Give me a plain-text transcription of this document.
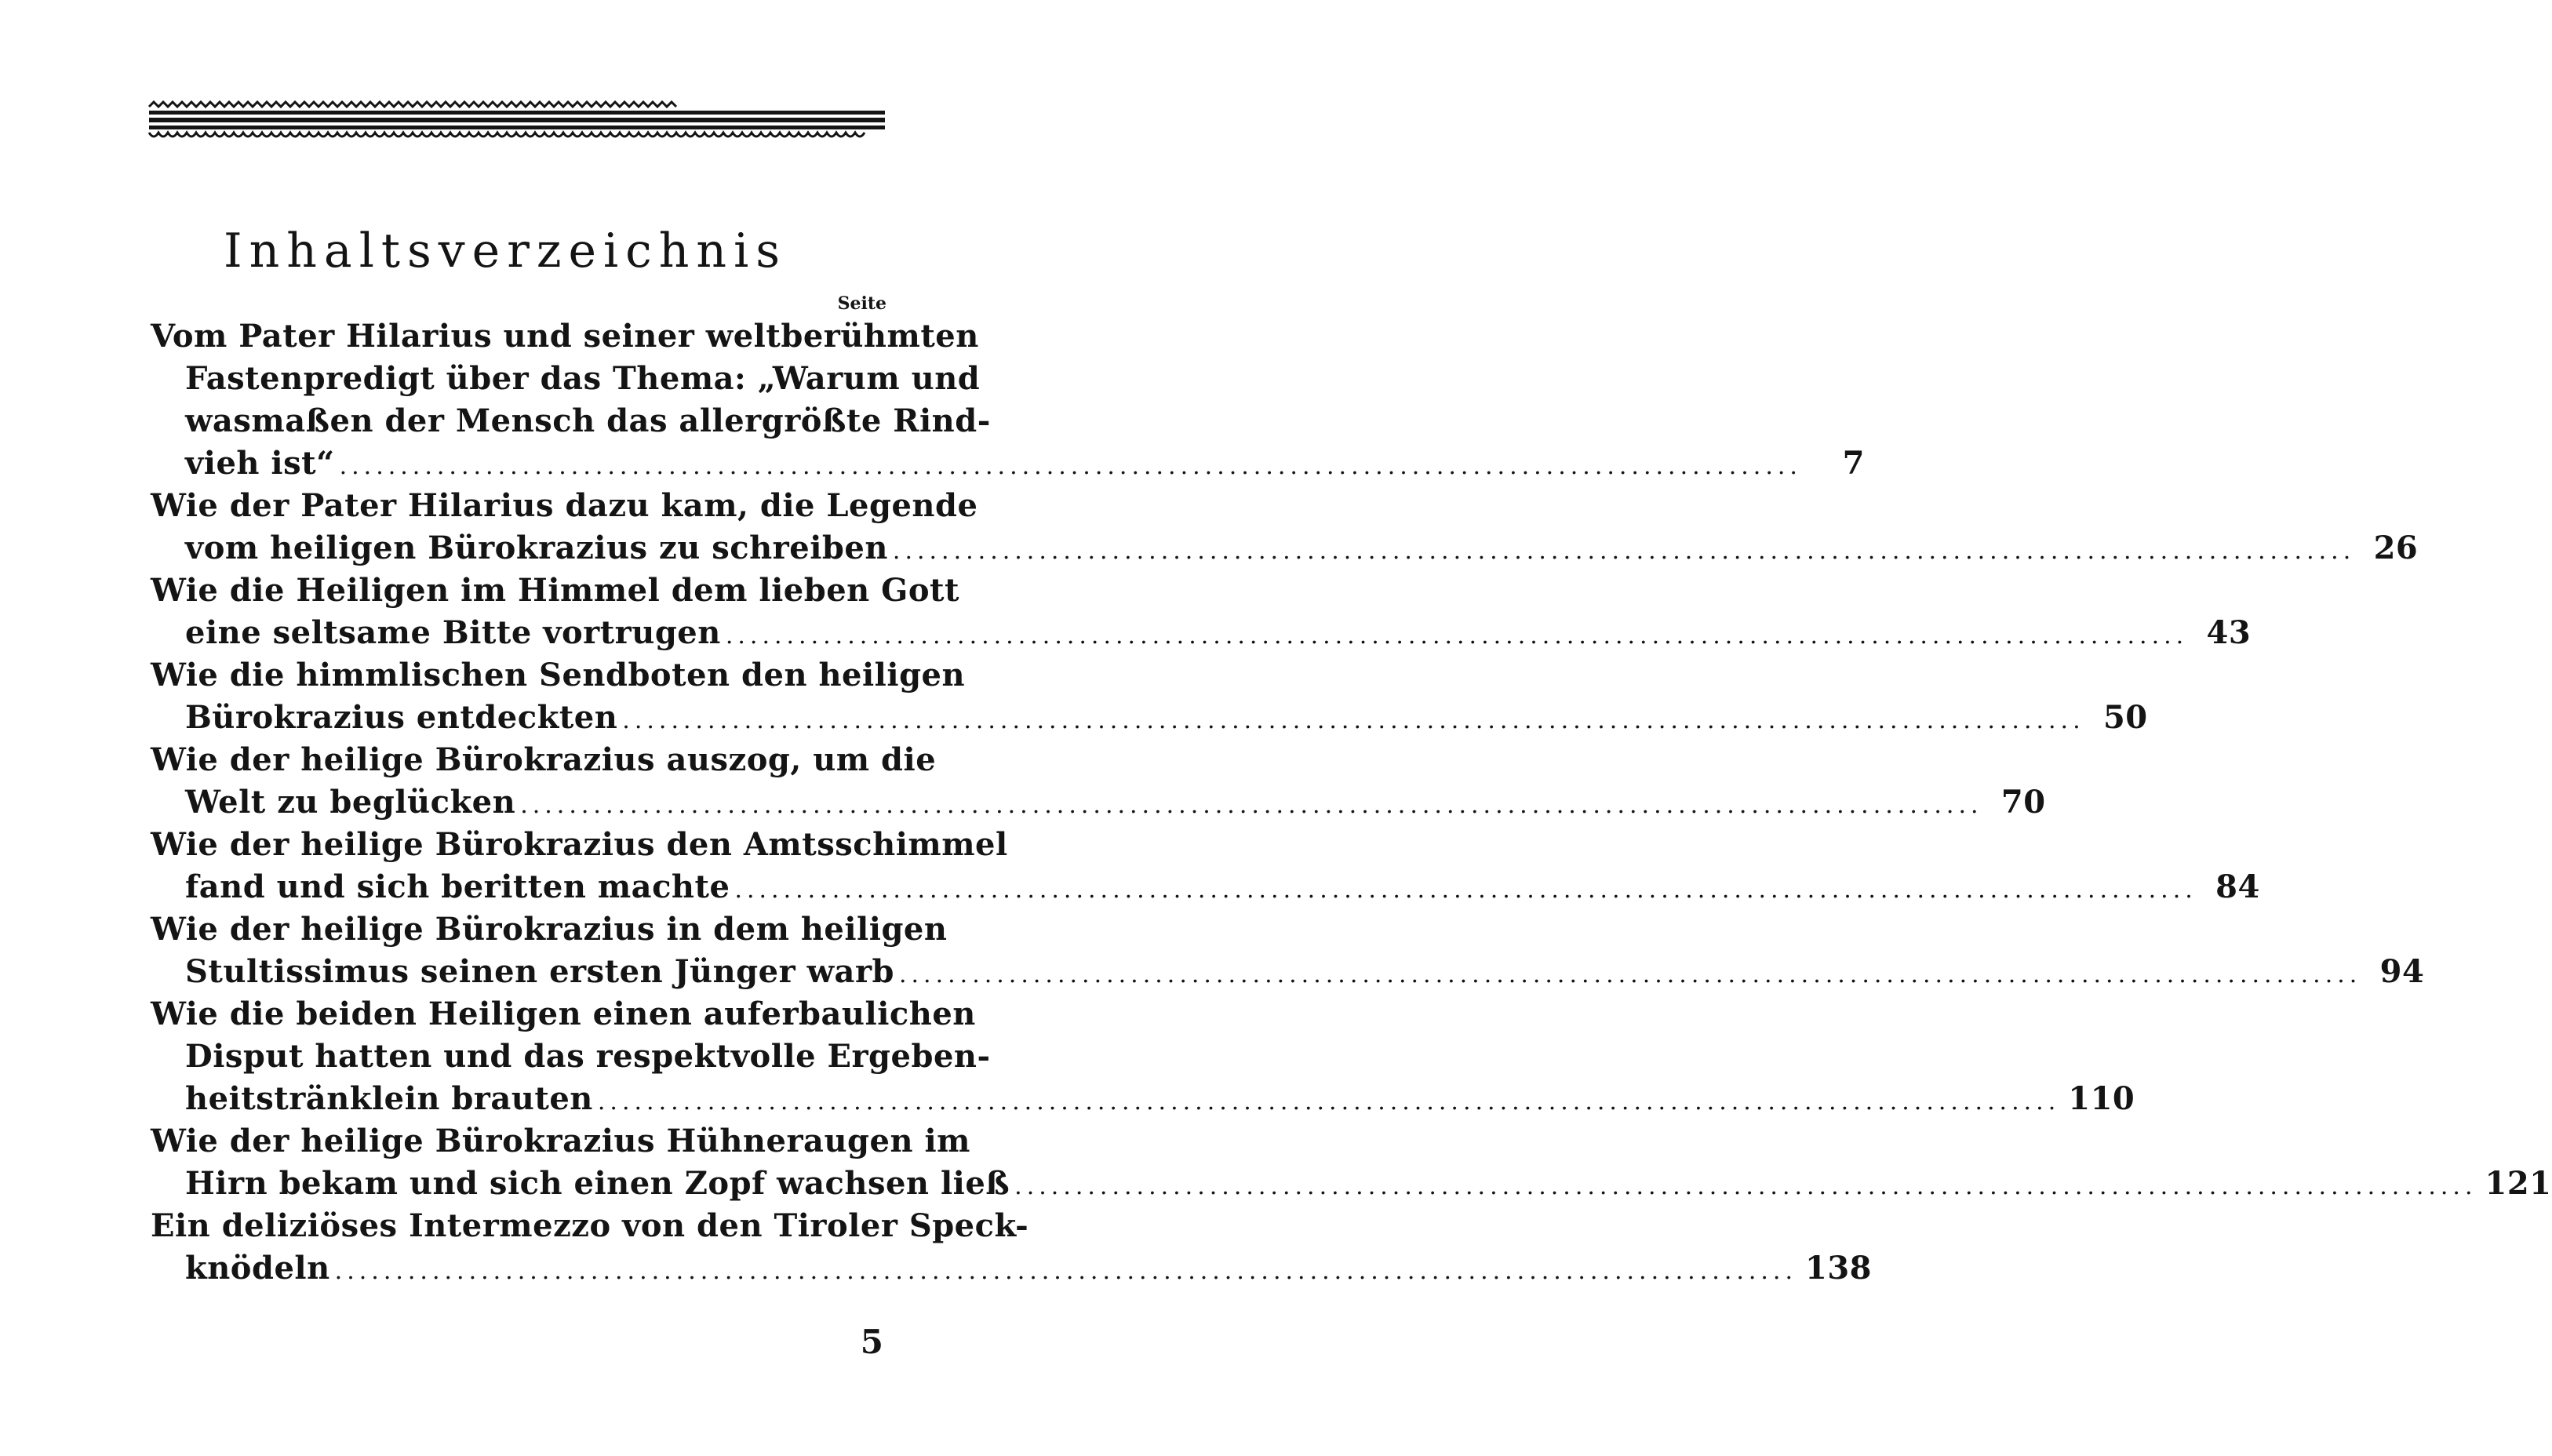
Inhaltsverzeichnis
Seite
Vom Pater Hilarius und seiner weltberühmten
Fastenpredigt über das Thema: „Warum und
wasmaßen der Mensch das allergrößte Rind-
vieh ist“ ........................................................................................................................	7
Wie der Pater Hilarius dazu kam, die Legende
vom heiligen Bürokrazius zu schreiben ........................................................................................................................ 26
Wie die Heiligen im Himmel dem lieben Gott
eine seltsame Bitte vortrugen ........................................................................................................................ 43
Wie die himmlischen Sendboten den heiligen
Bürokrazius entdeckten ........................................................................................................................ 50
Wie der heilige Bürokrazius auszog, um die
Welt zu beglücken ........................................................................................................................ 70
Wie der heilige Bürokrazius den Amtsschimmel
fand und sich beritten machte ........................................................................................................................ 84
Wie der heilige Bürokrazius in dem heiligen
Stultissimus seinen ersten Jünger warb ........................................................................................................................ 94
Wie die beiden Heiligen einen auferbaulichen
Disput hatten und das respektvolle Ergeben-
heitstränklein brauten ........................................................................................................................ 110
Wie der heilige Bürokrazius Hühneraugen im
Hirn bekam und sich einen Zopf wachsen ließ ........................................................................................................................ 121
Ein deliziöses Intermezzo von den Tiroler Speck-
knödeln ........................................................................................................................ 138
5
